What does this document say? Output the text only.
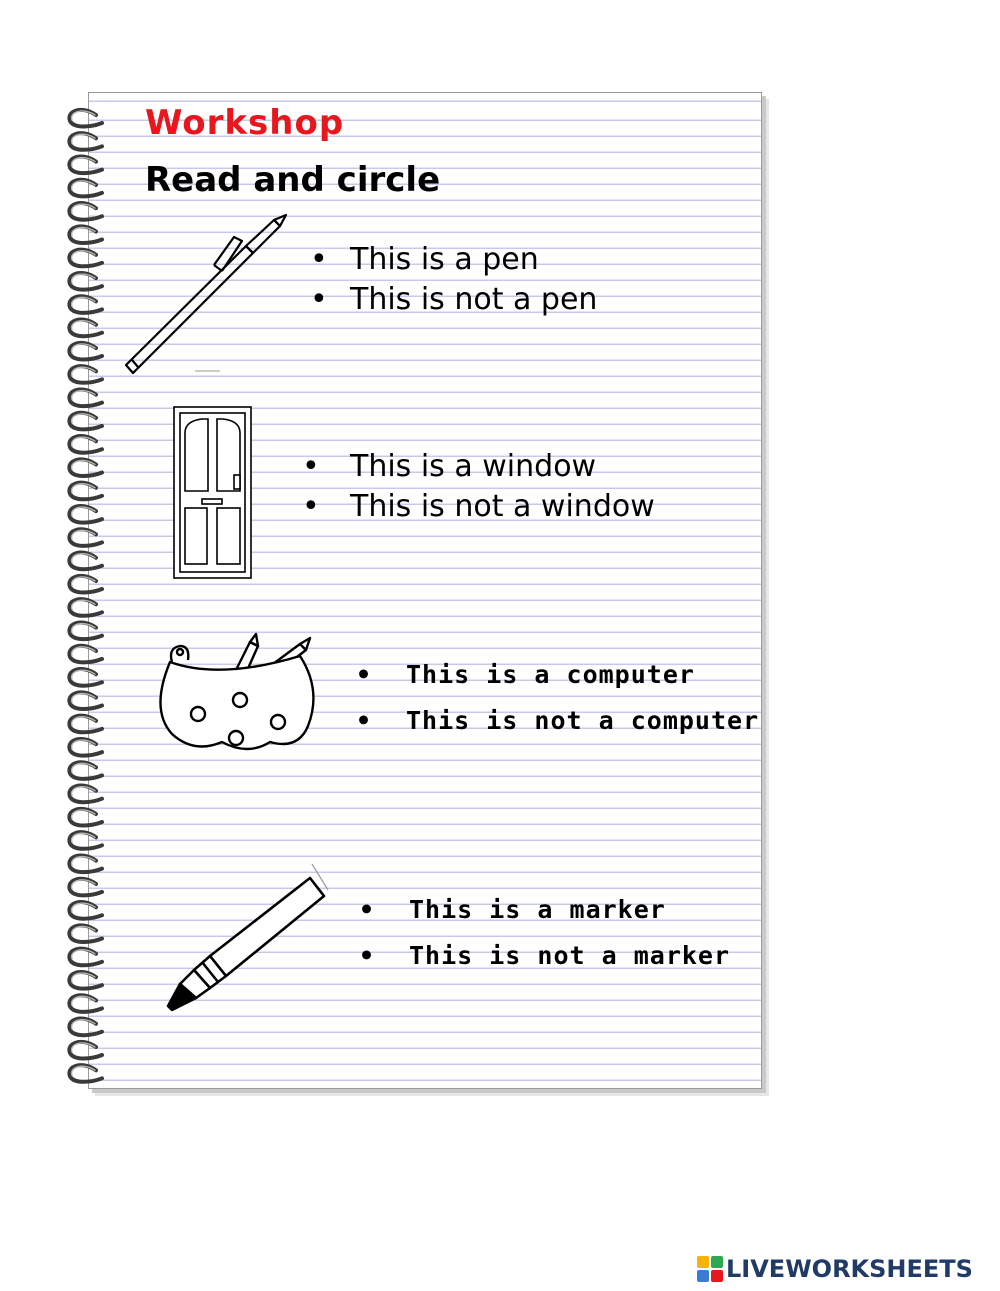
Workshop
Read and circle
• This is a pen
• This is not a pen
• This is a window
• This is not a window
• This is a computer
• This is not a computer
• This is a marker
• This is not a marker
LIVEWORKSHEETS
